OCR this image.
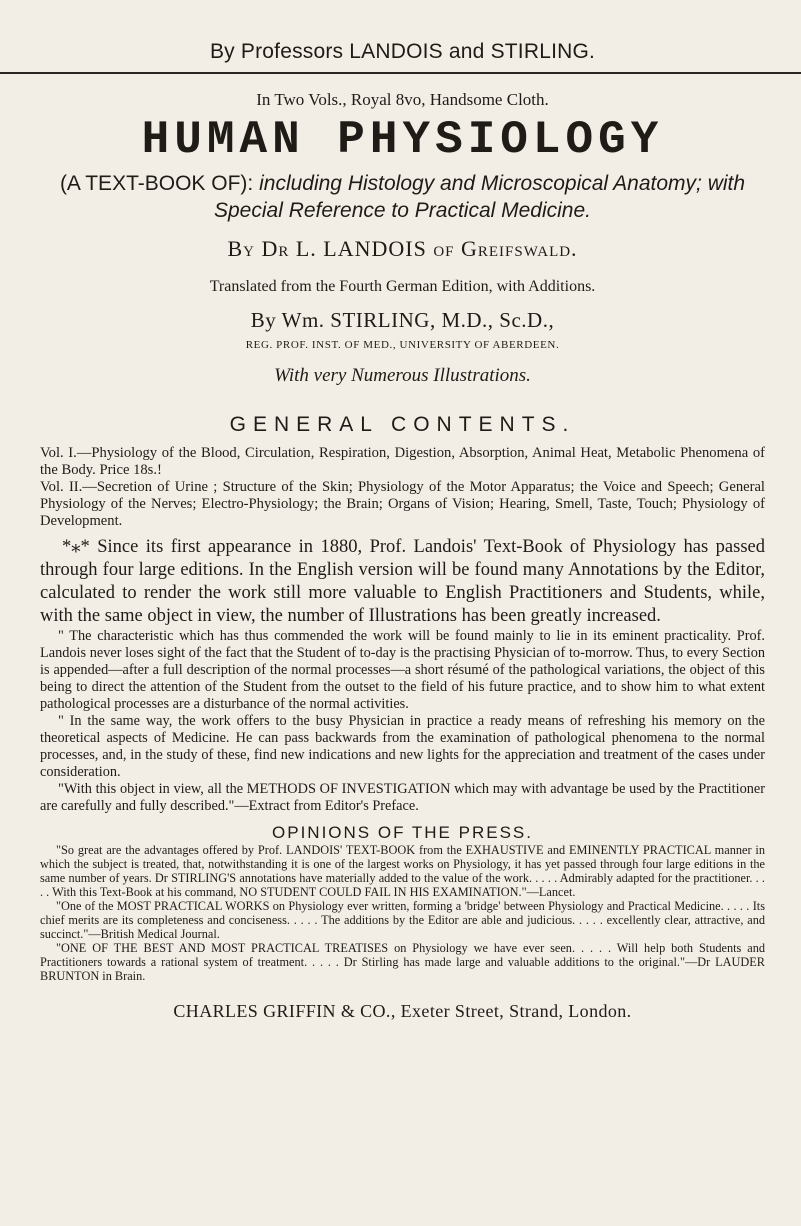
By Professors LANDOIS and STIRLING.

In Two Vols., Royal 8vo, Handsome Cloth.
HUMAN PHYSIOLOGY
(A TEXT-BOOK OF): including Histology and Microscopical Anatomy; with Special Reference to Practical Medicine.
By Dr L. LANDOIS of Greifswald.
Translated from the Fourth German Edition, with Additions.
By Wm. STIRLING, M.D., Sc.D.,
REG. PROF. INST. OF MED., UNIVERSITY OF ABERDEEN.
With very Numerous Illustrations.
GENERAL CONTENTS.
Vol. I.—Physiology of the Blood, Circulation, Respiration, Digestion, Absorption, Animal Heat, Metabolic Phenomena of the Body. Price 18s.!
Vol. II.—Secretion of Urine ; Structure of the Skin; Physiology of the Motor Apparatus; the Voice and Speech; General Physiology of the Nerves; Electro-Physiology; the Brain; Organs of Vision; Hearing, Smell, Taste, Touch; Physiology of Development.
*⁎* Since its first appearance in 1880, Prof. Landois' Text-Book of Physiology has passed through four large editions. In the English version will be found many Annotations by the Editor, calculated to render the work still more valuable to English Practitioners and Students, while, with the same object in view, the number of Illustrations has been greatly increased.
" The characteristic which has thus commended the work will be found mainly to lie in its eminent practicality. Prof. Landois never loses sight of the fact that the Student of to-day is the practising Physician of to-morrow. Thus, to every Section is appended—after a full description of the normal processes—a short résumé of the pathological variations, the object of this being to direct the attention of the Student from the outset to the field of his future practice, and to show him to what extent pathological processes are a disturbance of the normal activities.
" In the same way, the work offers to the busy Physician in practice a ready means of refreshing his memory on the theoretical aspects of Medicine. He can pass backwards from the examination of pathological phenomena to the normal processes, and, in the study of these, find new indications and new lights for the appreciation and treatment of the cases under consideration.
"With this object in view, all the METHODS OF INVESTIGATION which may with advantage be used by the Practitioner are carefully and fully described."—Extract from Editor's Preface.
OPINIONS OF THE PRESS.
"So great are the advantages offered by Prof. LANDOIS' TEXT-BOOK from the EXHAUSTIVE and EMINENTLY PRACTICAL manner in which the subject is treated, that, notwithstanding it is one of the largest works on Physiology, it has yet passed through four large editions in the same number of years. Dr STIRLING'S annotations have materially added to the value of the work. . . . . Admirably adapted for the practitioner. . . . . With this Text-Book at his command, NO STUDENT COULD FAIL IN HIS EXAMINATION."—Lancet.
"One of the MOST PRACTICAL WORKS on Physiology ever written, forming a 'bridge' between Physiology and Practical Medicine. . . . . Its chief merits are its completeness and conciseness. . . . . The additions by the Editor are able and judicious. . . . . excellently clear, attractive, and succinct."—British Medical Journal.
"ONE OF THE BEST AND MOST PRACTICAL TREATISES on Physiology we have ever seen. . . . . Will help both Students and Practitioners towards a rational system of treatment. . . . . Dr Stirling has made large and valuable additions to the original."—Dr LAUDER BRUNTON in Brain.
CHARLES GRIFFIN & CO., Exeter Street, Strand, London.
